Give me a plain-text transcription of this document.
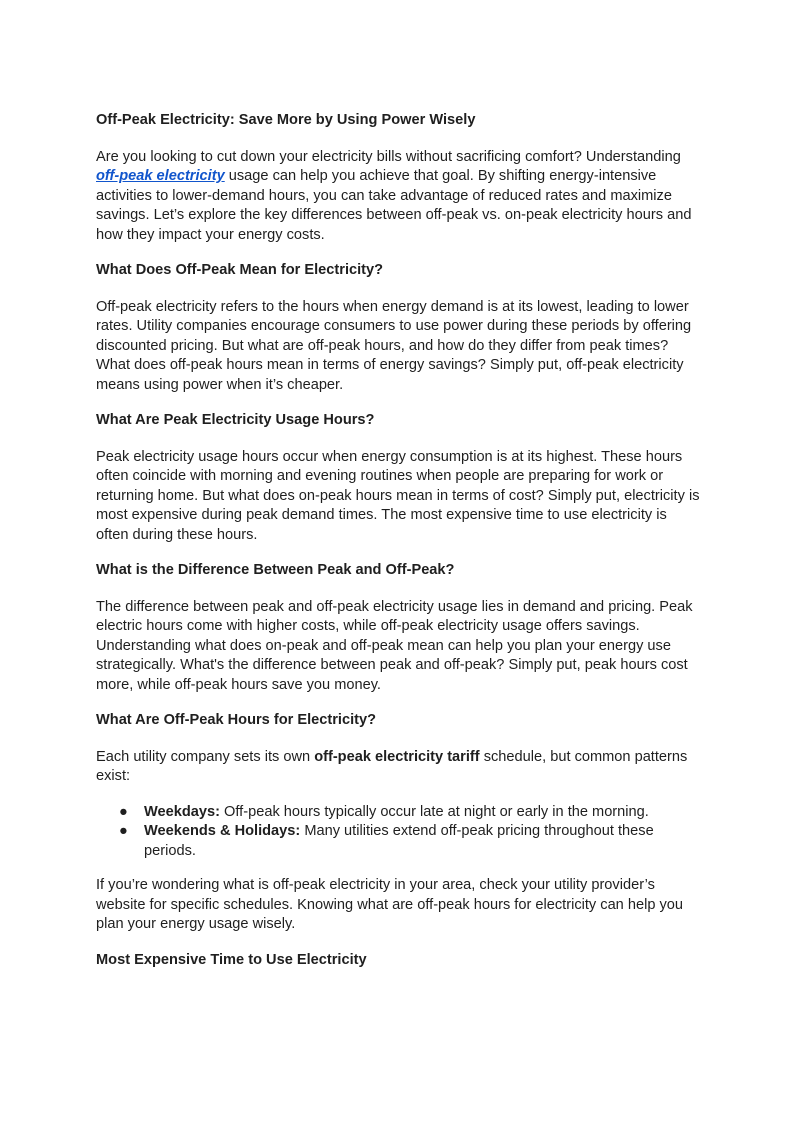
Off-Peak Electricity: Save More by Using Power Wisely

Are you looking to cut down your electricity bills without sacrificing comfort? Understanding off-peak electricity usage can help you achieve that goal. By shifting energy-intensive activities to lower-demand hours, you can take advantage of reduced rates and maximize savings. Let’s explore the key differences between off-peak vs. on-peak electricity hours and how they impact your energy costs.

What Does Off-Peak Mean for Electricity?

Off-peak electricity refers to the hours when energy demand is at its lowest, leading to lower rates. Utility companies encourage consumers to use power during these periods by offering discounted pricing. But what are off-peak hours, and how do they differ from peak times? What does off-peak hours mean in terms of energy savings? Simply put, off-peak electricity means using power when it’s cheaper.

What Are Peak Electricity Usage Hours?

Peak electricity usage hours occur when energy consumption is at its highest. These hours often coincide with morning and evening routines when people are preparing for work or returning home. But what does on-peak hours mean in terms of cost? Simply put, electricity is most expensive during peak demand times. The most expensive time to use electricity is often during these hours.

What is the Difference Between Peak and Off-Peak?

The difference between peak and off-peak electricity usage lies in demand and pricing. Peak electric hours come with higher costs, while off-peak electricity usage offers savings. Understanding what does on-peak and off-peak mean can help you plan your energy use strategically. What's the difference between peak and off-peak? Simply put, peak hours cost more, while off-peak hours save you money.

What Are Off-Peak Hours for Electricity?

Each utility company sets its own off-peak electricity tariff schedule, but common patterns exist:

● Weekdays: Off-peak hours typically occur late at night or early in the morning.
● Weekends & Holidays: Many utilities extend off-peak pricing throughout these periods.

If you’re wondering what is off-peak electricity in your area, check your utility provider’s website for specific schedules. Knowing what are off-peak hours for electricity can help you plan your energy usage wisely.

Most Expensive Time to Use Electricity
